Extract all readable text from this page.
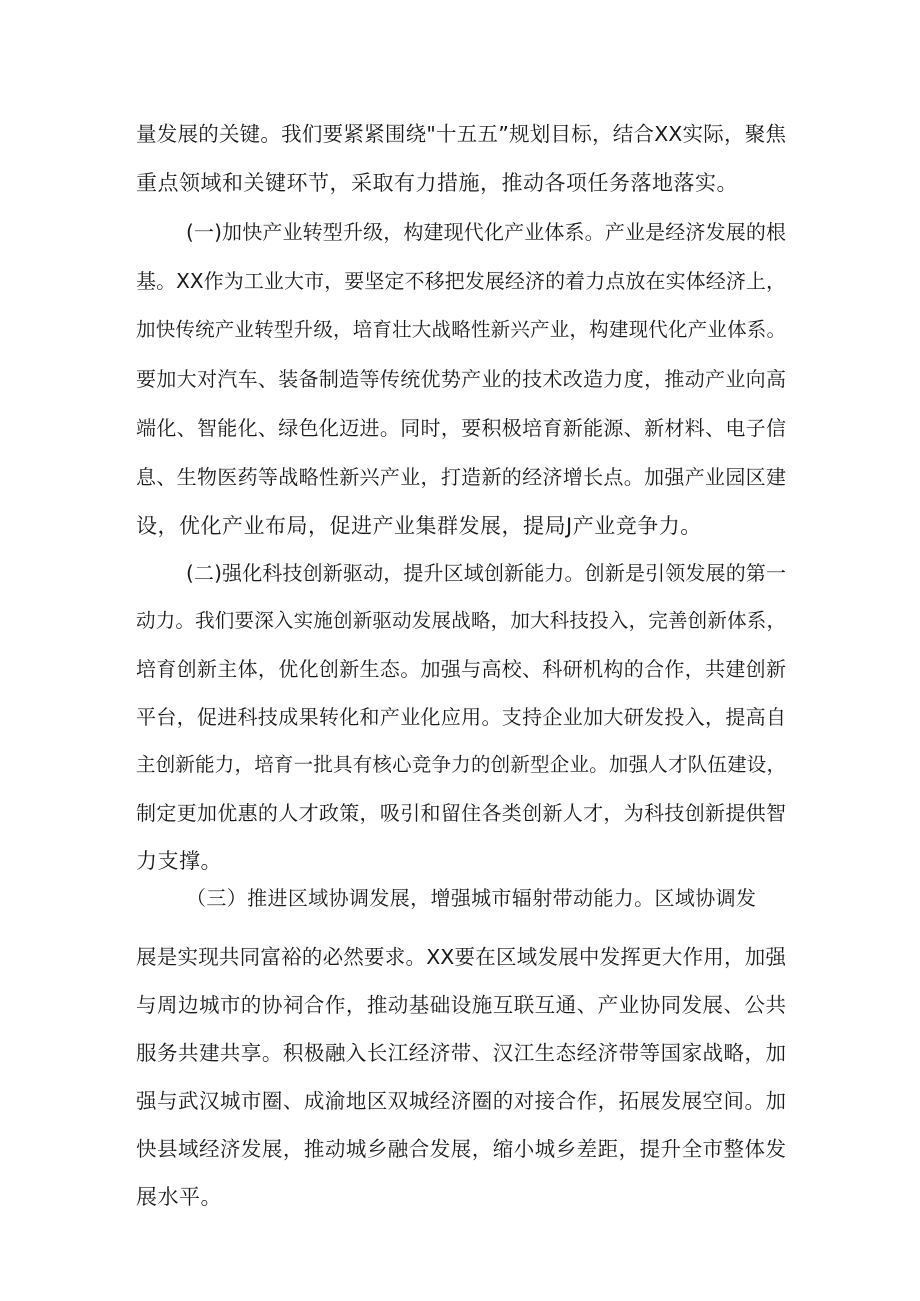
量发展的关键。我们要紧紧围绕"十五五”规划目标，结合XX实际，聚焦
重点领域和关键环节，采取有力措施，推动各项任务落地落实。
(一)加快产业转型升级，构建现代化产业体系。产业是经济发展的根
基。XX作为工业大市，要坚定不移把发展经济的着力点放在实体经济上，
加快传统产业转型升级，培育壮大战略性新兴产业，构建现代化产业体系。
要加大对汽车、装备制造等传统优势产业的技术改造力度，推动产业向高
端化、智能化、绿色化迈进。同时，要积极培育新能源、新材料、电子信
息、生物医药等战略性新兴产业，打造新的经济增长点。加强产业园区建
设，优化产业布局，促进产业集群发展，提局J产业竞争力。
(二)强化科技创新驱动，提升区域创新能力。创新是引领发展的第一
动力。我们要深入实施创新驱动发展战略，加大科技投入，完善创新体系，
培育创新主体，优化创新生态。加强与高校、科研机构的合作，共建创新
平台，促进科技成果转化和产业化应用。支持企业加大研发投入，提高自
主创新能力，培育一批具有核心竞争力的创新型企业。加强人才队伍建设，
制定更加优惠的人才政策，吸引和留住各类创新人才，为科技创新提供智
力支撑。
（三）推进区域协调发展，增强城市辐射带动能力。区域协调发
展是实现共同富裕的必然要求。XX要在区域发展中发挥更大作用，加强
与周边城市的协祠合作，推动基础设施互联互通、产业协同发展、公共
服务共建共享。积极融入长江经济带、汉江生态经济带等国家战略，加
强与武汉城市圈、成渝地区双城经济圈的对接合作，拓展发展空间。加
快县域经济发展，推动城乡融合发展，缩小城乡差距，提升全市整体发
展水平。
